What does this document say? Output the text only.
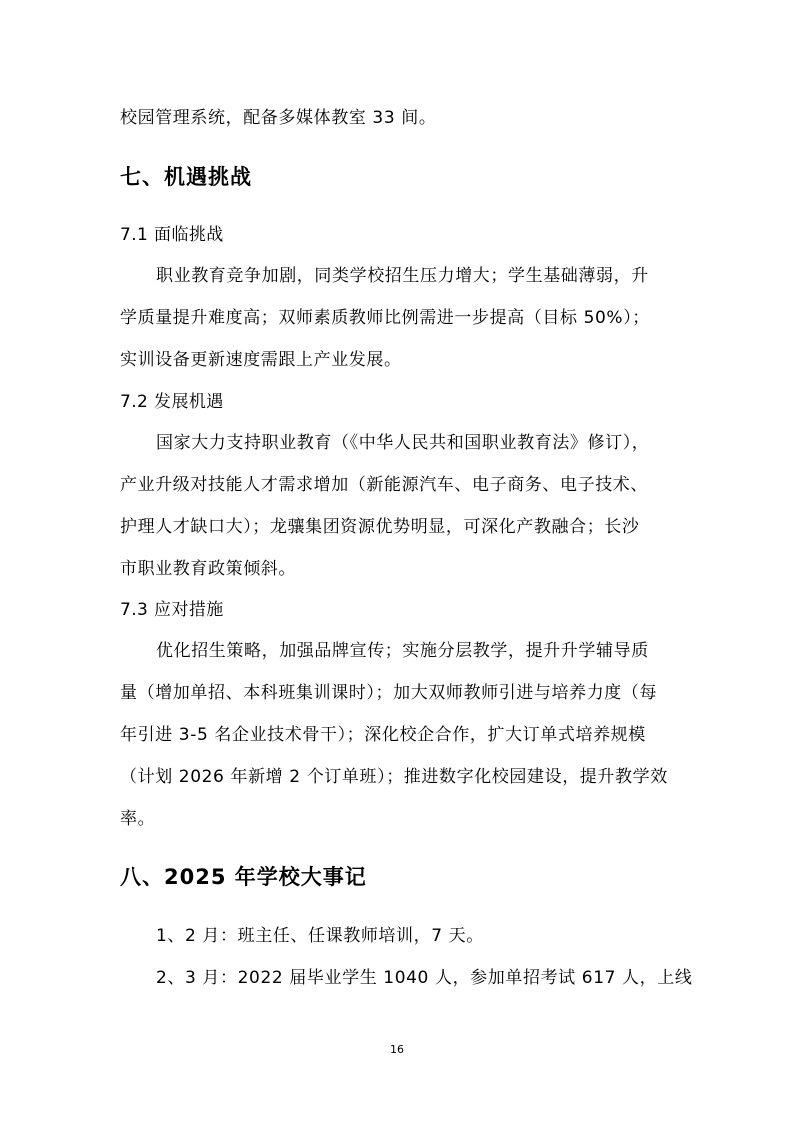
校园管理系统，配备多媒体教室 33 间。
七、机遇挑战
7.1 面临挑战
职业教育竞争加剧，同类学校招生压力增大；学生基础薄弱，升
学质量提升难度高；双师素质教师比例需进一步提高（目标 50%）；
实训设备更新速度需跟上产业发展。
7.2 发展机遇
国家大力支持职业教育（《中华人民共和国职业教育法》修订），
产业升级对技能人才需求增加（新能源汽车、电子商务、电子技术、
护理人才缺口大）；龙骧集团资源优势明显，可深化产教融合；长沙
市职业教育政策倾斜。
7.3 应对措施
优化招生策略，加强品牌宣传；实施分层教学，提升升学辅导质
量（增加单招、本科班集训课时）；加大双师教师引进与培养力度（每
年引进 3-5 名企业技术骨干）；深化校企合作，扩大订单式培养规模
（计划 2026 年新增 2 个订单班）；推进数字化校园建设，提升教学效
率。
八、2025 年学校大事记
1、2 月：班主任、任课教师培训，7 天。
2、3 月：2022 届毕业学生 1040 人，参加单招考试 617 人，上线
16
